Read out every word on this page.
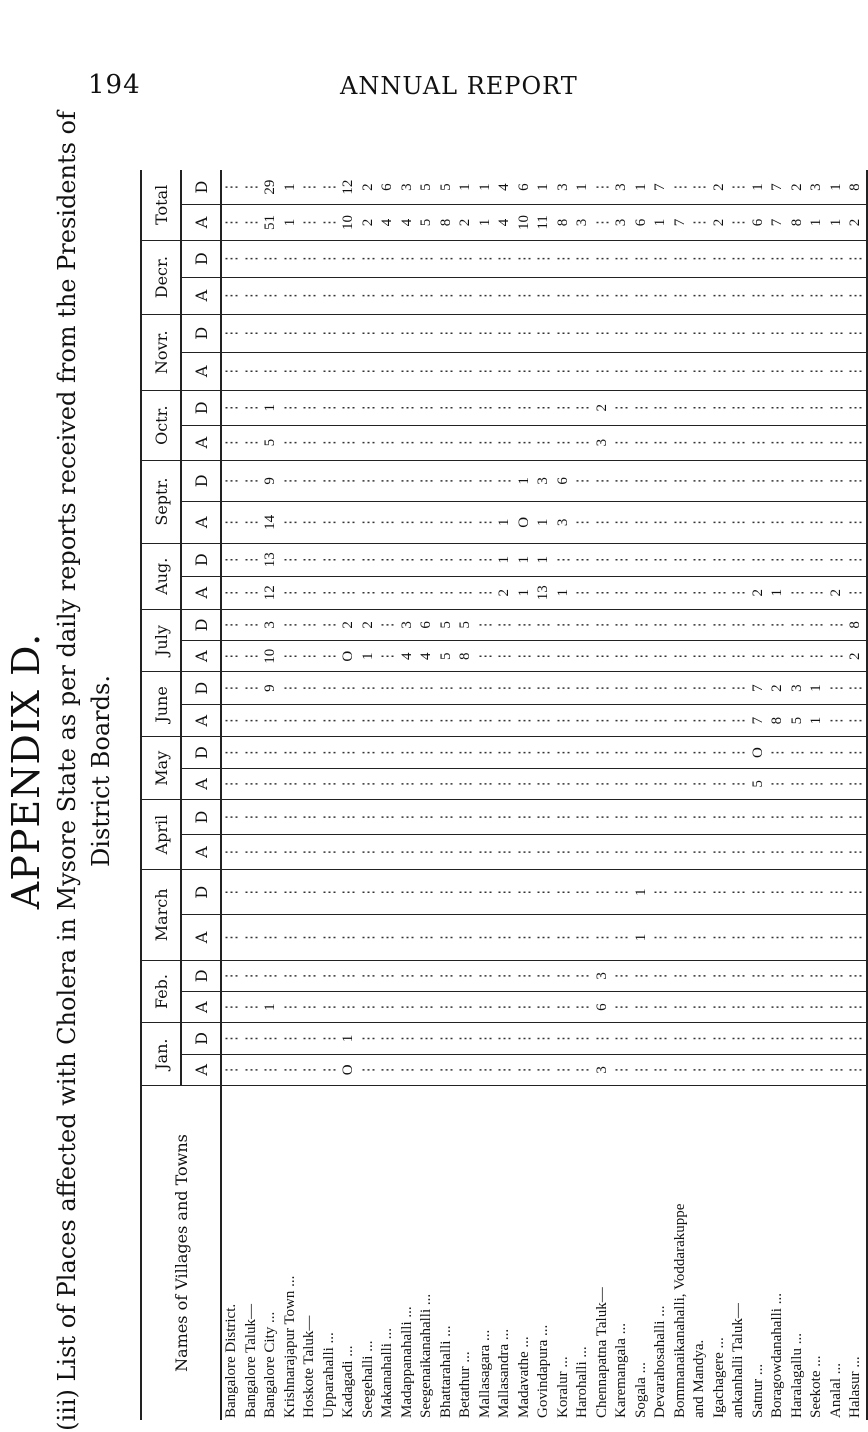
194	ANNUAL REPORT
APPENDIX D. (iii) List of Places affected with Cholera in Mysore State as per daily reports received from the Presidents of District Boards.
Names of Villages and Towns	Jan.		Feb.		March		April		May		June		July		Aug.		Septr.		Octr.		Novr.		Decr.		Total	
	A	D	A	D	A	D	A	D	A	D	A	D	A	D	A	D	A	D	A	D	A	D	A	D	A	D
Bangalore District.	⋮	⋮	⋮	⋮	⋮	⋮	⋮	⋮	⋮	⋮	⋮	⋮	⋮	⋮	⋮	⋮	⋮	⋮	⋮	⋮	⋮	⋮	⋮	⋮	⋮	⋮
Bangalore Taluk—	⋮	⋮	⋮	⋮	⋮	⋮	⋮	⋮	⋮	⋮	⋮	⋮	⋮	⋮	⋮	⋮	⋮	⋮	⋮	⋮	⋮	⋮	⋮	⋮	⋮	⋮
Bangalore City ...	⋮	⋮	1	⋮	⋮	⋮	⋮	⋮	⋮	⋮	⋮	9	10	3	12	13	14	9	5	1	⋮	⋮	⋮	⋮	51	29
Krishnarajapur Town ...	⋮	⋮	⋮	⋮	⋮	⋮	⋮	⋮	⋮	⋮	⋮	⋮	⋮	⋮	⋮	⋮	⋮	⋮	⋮	⋮	⋮	⋮	⋮	⋮	1	1
Hoskote Taluk—	⋮	⋮	⋮	⋮	⋮	⋮	⋮	⋮	⋮	⋮	⋮	⋮	⋮	⋮	⋮	⋮	⋮	⋮	⋮	⋮	⋮	⋮	⋮	⋮	⋮	⋮
Upparahalli ...	⋮	⋮	⋮	⋮	⋮	⋮	⋮	⋮	⋮	⋮	⋮	⋮	⋮	⋮	⋮	⋮	⋮	⋮	⋮	⋮	⋮	⋮	⋮	⋮	⋮	⋮
Kadagadi ...	O	1	⋮	⋮	⋮	⋮	⋮	⋮	⋮	⋮	⋮	⋮	O	2	⋮	⋮	⋮	⋮	⋮	⋮	⋮	⋮	⋮	⋮	10	12
Seegehalli ...	⋮	⋮	⋮	⋮	⋮	⋮	⋮	⋮	⋮	⋮	⋮	⋮	1	2	⋮	⋮	⋮	⋮	⋮	⋮	⋮	⋮	⋮	⋮	2	2
Makanahalli ...	⋮	⋮	⋮	⋮	⋮	⋮	⋮	⋮	⋮	⋮	⋮	⋮	⋮	⋮	⋮	⋮	⋮	⋮	⋮	⋮	⋮	⋮	⋮	⋮	4	6
Madappanahalli ...	⋮	⋮	⋮	⋮	⋮	⋮	⋮	⋮	⋮	⋮	⋮	⋮	4	3	⋮	⋮	⋮	⋮	⋮	⋮	⋮	⋮	⋮	⋮	4	3
Seegenaikanahalli ...	⋮	⋮	⋮	⋮	⋮	⋮	⋮	⋮	⋮	⋮	⋮	⋮	4	6	⋮	⋮	⋮	⋮	⋮	⋮	⋮	⋮	⋮	⋮	5	5
Bhattarahalli ...	⋮	⋮	⋮	⋮	⋮	⋮	⋮	⋮	⋮	⋮	⋮	⋮	5	5	⋮	⋮	⋮	⋮	⋮	⋮	⋮	⋮	⋮	⋮	8	5
Betathur ...	⋮	⋮	⋮	⋮	⋮	⋮	⋮	⋮	⋮	⋮	⋮	⋮	8	5	⋮	⋮	⋮	⋮	⋮	⋮	⋮	⋮	⋮	⋮	2	1
Mallasagara ...	⋮	⋮	⋮	⋮	⋮	⋮	⋮	⋮	⋮	⋮	⋮	⋮	⋮	⋮	⋮	⋮	⋮	⋮	⋮	⋮	⋮	⋮	⋮	⋮	1	1
Mallasandra ...	⋮	⋮	⋮	⋮	⋮	⋮	⋮	⋮	⋮	⋮	⋮	⋮	⋮	⋮	2	1	1	⋮	⋮	⋮	⋮	⋮	⋮	⋮	4	4
Madavathe ...	⋮	⋮	⋮	⋮	⋮	⋮	⋮	⋮	⋮	⋮	⋮	⋮	⋮	⋮	1	1	O	1	⋮	⋮	⋮	⋮	⋮	⋮	10	6
Govindapura ...	⋮	⋮	⋮	⋮	⋮	⋮	⋮	⋮	⋮	⋮	⋮	⋮	⋮	⋮	13	1	1	3	⋮	⋮	⋮	⋮	⋮	⋮	11	1
Koralur ...	⋮	⋮	⋮	⋮	⋮	⋮	⋮	⋮	⋮	⋮	⋮	⋮	⋮	⋮	1	⋮	3	6	⋮	⋮	⋮	⋮	⋮	⋮	8	3
Harohalli ...	⋮	⋮	⋮	⋮	⋮	⋮	⋮	⋮	⋮	⋮	⋮	⋮	⋮	⋮	⋮	⋮	⋮	⋮	⋮	⋮	⋮	⋮	⋮	⋮	3	1
Chennapatna Taluk—	3	⋮	6	3	⋮	⋮	⋮	⋮	⋮	⋮	⋮	⋮	⋮	⋮	⋮	⋮	⋮	⋮	3	2	⋮	⋮	⋮	⋮	⋮	⋮
Karemangala ...	⋮	⋮	⋮	⋮	⋮	⋮	⋮	⋮	⋮	⋮	⋮	⋮	⋮	⋮	⋮	⋮	⋮	⋮	⋮	⋮	⋮	⋮	⋮	⋮	3	3
Sogala ...	⋮	⋮	⋮	⋮	1	1	⋮	⋮	⋮	⋮	⋮	⋮	⋮	⋮	⋮	⋮	⋮	⋮	⋮	⋮	⋮	⋮	⋮	⋮	6	1
Devarahosahalli ...	⋮	⋮	⋮	⋮	⋮	⋮	⋮	⋮	⋮	⋮	⋮	⋮	⋮	⋮	⋮	⋮	⋮	⋮	⋮	⋮	⋮	⋮	⋮	⋮	1	7
Bommanaikanahalli, Voddarakuppe	⋮	⋮	⋮	⋮	⋮	⋮	⋮	⋮	⋮	⋮	⋮	⋮	⋮	⋮	⋮	⋮	⋮	⋮	⋮	⋮	⋮	⋮	⋮	⋮	7	⋮
and Mandya.	⋮	⋮	⋮	⋮	⋮	⋮	⋮	⋮	⋮	⋮	⋮	⋮	⋮	⋮	⋮	⋮	⋮	⋮	⋮	⋮	⋮	⋮	⋮	⋮	⋮	⋮
Igachagere ...	⋮	⋮	⋮	⋮	⋮	⋮	⋮	⋮	⋮	⋮	⋮	⋮	⋮	⋮	⋮	⋮	⋮	⋮	⋮	⋮	⋮	⋮	⋮	⋮	2	2
ankanhalli Taluk—	⋮	⋮	⋮	⋮	⋮	⋮	⋮	⋮	⋮	⋮	⋮	⋮	⋮	⋮	⋮	⋮	⋮	⋮	⋮	⋮	⋮	⋮	⋮	⋮	⋮	⋮
Satnur ...	⋮	⋮	⋮	⋮	⋮	⋮	⋮	⋮	5	O	7	7	⋮	⋮	2	⋮	⋮	⋮	⋮	⋮	⋮	⋮	⋮	⋮	6	1
Boragowdanahalli ...	⋮	⋮	⋮	⋮	⋮	⋮	⋮	⋮	⋮	⋮	8	2	⋮	⋮	1	⋮	⋮	⋮	⋮	⋮	⋮	⋮	⋮	⋮	7	7
Haralagallu ...	⋮	⋮	⋮	⋮	⋮	⋮	⋮	⋮	⋮	⋮	5	3	⋮	⋮	⋮	⋮	⋮	⋮	⋮	⋮	⋮	⋮	⋮	⋮	8	2
Seekote ...	⋮	⋮	⋮	⋮	⋮	⋮	⋮	⋮	⋮	⋮	1	1	⋮	⋮	⋮	⋮	⋮	⋮	⋮	⋮	⋮	⋮	⋮	⋮	1	3
Analal ...	⋮	⋮	⋮	⋮	⋮	⋮	⋮	⋮	⋮	⋮	⋮	⋮	⋮	⋮	2	⋮	⋮	⋮	⋮	⋮	⋮	⋮	⋮	⋮	1	1
Halasur ...	⋮	⋮	⋮	⋮	⋮	⋮	⋮	⋮	⋮	⋮	⋮	⋮	2	8	⋮	⋮	⋮	⋮	⋮	⋮	⋮	⋮	⋮	⋮	2	8
